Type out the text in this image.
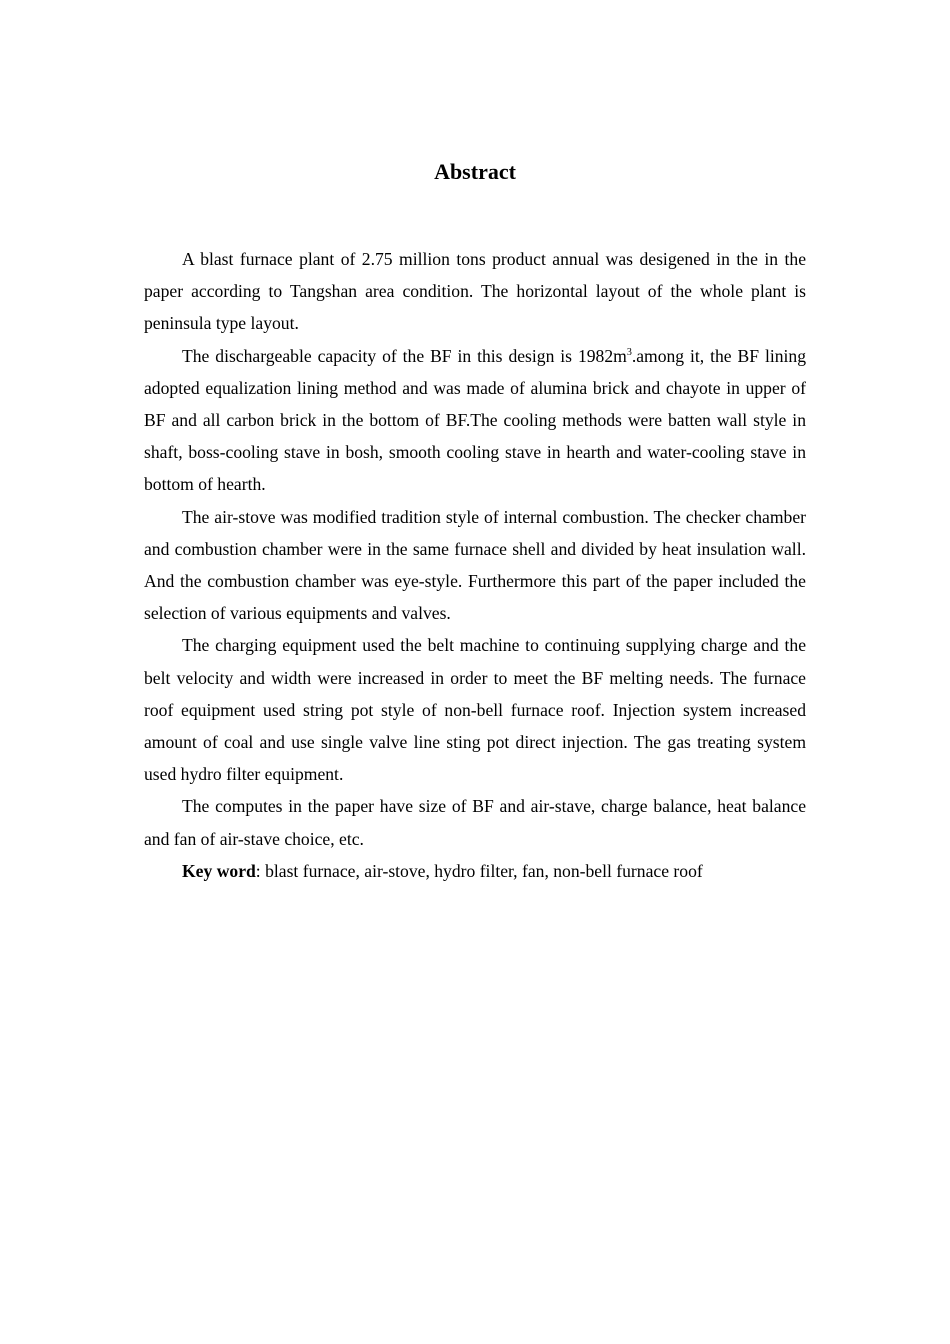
Abstract

A blast furnace plant of 2.75 million tons product annual was desigened in the in the paper according to Tangshan area condition. The horizontal layout of the whole plant is peninsula type layout.

The dischargeable capacity of the BF in this design is $1982m^3.among$ it, the BF lining adopted equalization lining method and was made of alumina brick and chayote in upper of BF and all carbon brick in the bottom of BF.The cooling methods were batten wall style in shaft, boss-cooling stave in bosh, smooth cooling stave in hearth and water-cooling stave in bottom of hearth.

The air-stove was modified tradition style of internal combustion. The checker chamber and combustion chamber were in the same furnace shell and divided by heat insulation wall. And the combustion chamber was eye-style. Furthermore this part of the paper included the selection of various equipments and valves.

The charging equipment used the belt machine to continuing supplying charge and the belt velocity and width were increased in order to meet the BF melting needs. The furnace roof equipment used string pot style of non-bell furnace roof. Injection system increased amount of coal and use single valve line sting pot direct injection. The gas treating system used hydro filter equipment.

The computes in the paper have size of BF and air-stave, charge balance, heat balance and fan of air-stave choice, etc.

Key word: blast furnace, air-stove, hydro filter, fan, non-bell furnace roof
